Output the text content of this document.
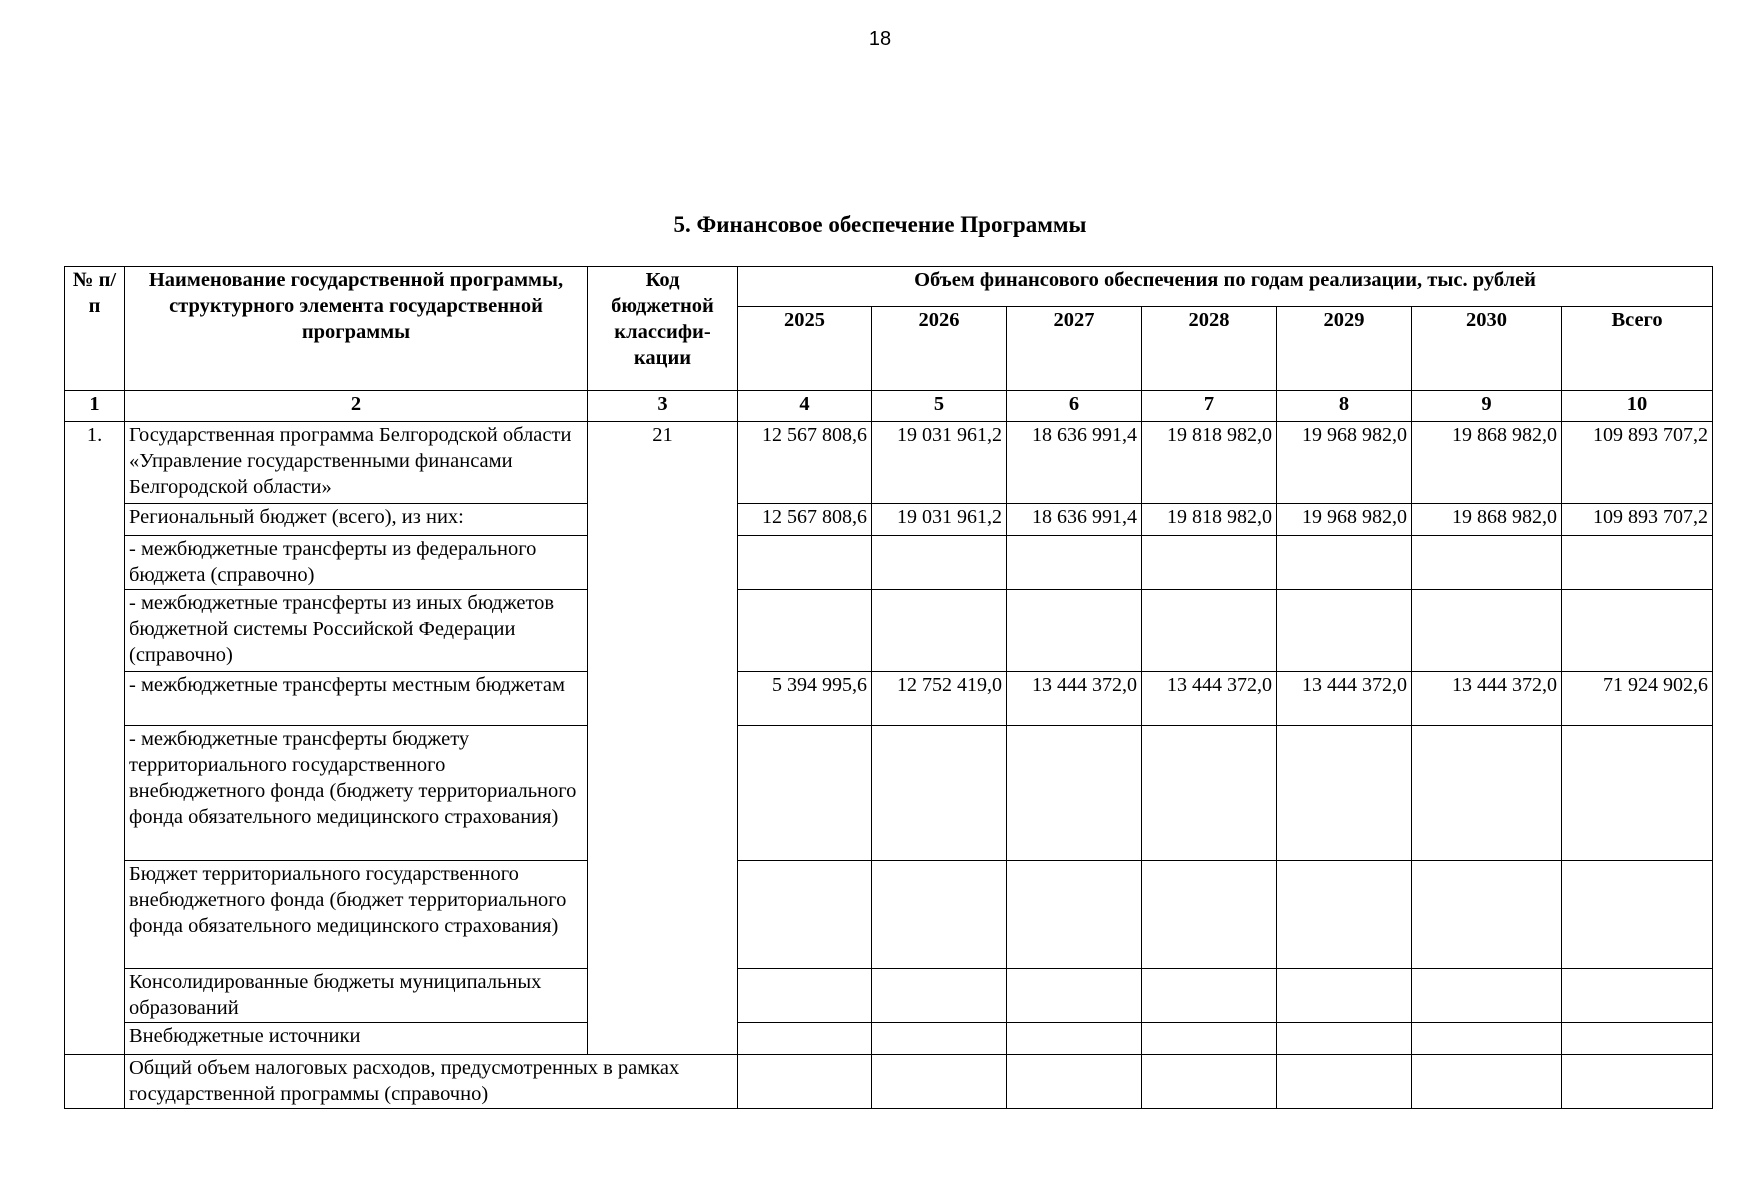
18
5. Финансовое обеспечение Программы
№ п/п	Наименование государственной программы, структурного элемента государственной программы	Код бюджетной классифи-кации	Объем финансового обеспечения по годам реализации, тыс. рублей						
			2025	2026	2027	2028	2029	2030	Всего
1	2	3	4	5	6	7	8	9	10
1.	Государственная программа Белгородской области «Управление государственными финансами Белгородской области»	21	12 567 808,6	19 031 961,2	18 636 991,4	19 818 982,0	19 968 982,0	19 868 982,0	109 893 707,2
	Региональный бюджет (всего), из них:		12 567 808,6	19 031 961,2	18 636 991,4	19 818 982,0	19 968 982,0	19 868 982,0	109 893 707,2
	- межбюджетные трансферты из федерального бюджета (справочно)								
	- межбюджетные трансферты из иных бюджетов бюджетной системы Российской Федерации (справочно)								
	- межбюджетные трансферты местным бюджетам		5 394 995,6	12 752 419,0	13 444 372,0	13 444 372,0	13 444 372,0	13 444 372,0	71 924 902,6
	- межбюджетные трансферты бюджету территориального государственного внебюджетного фонда (бюджету территориального фонда обязательного медицинского страхования)								
	Бюджет территориального государственного внебюджетного фонда (бюджет территориального фонда обязательного медицинского страхования)								
	Консолидированные бюджеты муниципальных образований								
	Внебюджетные источники								
	Общий объем налоговых расходов, предусмотренных в рамках государственной программы (справочно)								
